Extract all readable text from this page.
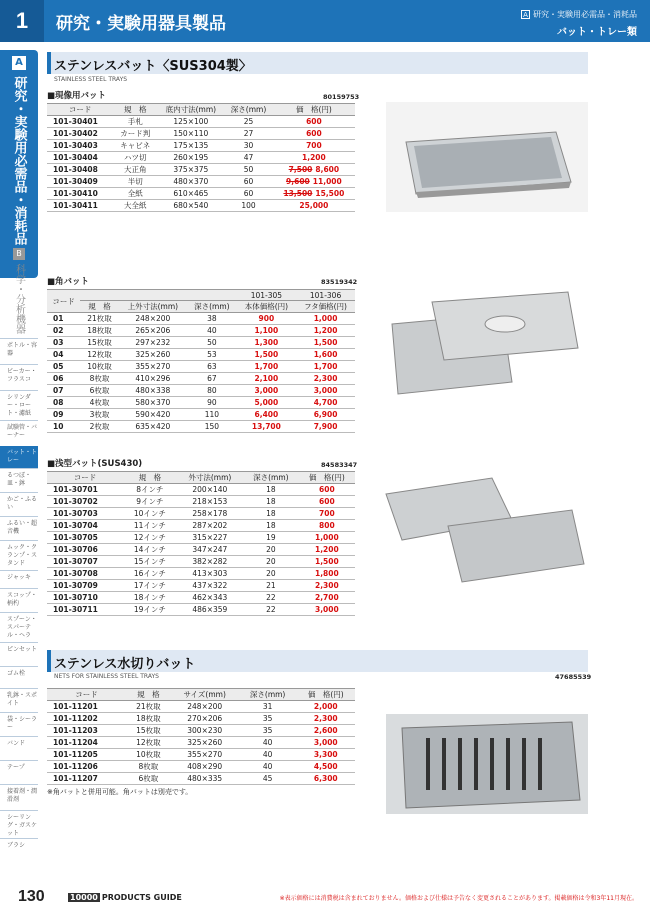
1	研究・実験用器具製品	A 研究・実験用必需品・消耗品
バット・トレー類
A
研究・実験用必需品・消耗品
B
科学・分析機器
ボトル・容器
ビーカー・フラスコ
シリンダー・ロート・濾紙
試験管・バーナー
バット・トレー
るつぼ・皿・鉢
かご・ふるい
ふるい・超音機
ムック・クランプ・スタンド
ジャッキ
スコップ・柄杓
スプーン・スパーテル・ヘラ
ピンセット
ゴム栓
乳鉢・スポイト
袋・シーラー
バンド
テープ
接着剤・潤滑剤
シーリング・ガスケット
ブラシ
ステンレスバット〈SUS304製〉
STAINLESS STEEL TRAYS
■現像用バット	80159753
コード	規　格	底内寸法(mm)	深さ(mm)	価　格(円)
101-30401	手札	125×100	25	600
101-30402	カード判	150×110	27	600
101-30403	キャビネ	175×135	30	700
101-30404	ハツ切	260×195	47	1,200
101-30408	大正角	375×375	50	7,500 8,600
101-30409	半切	480×370	60	9,600 11,000
101-30410	全紙	610×465	60	13,500 15,500
101-30411	大全紙	680×540	100	25,000
■角バット	83519342
コード				101-305	101-306
	規　格	上外寸法(mm)	深さ(mm)	本体価格(円)	フタ価格(円)
01	21枚取	248×200	38	900	1,000
02	18枚取	265×206	40	1,100	1,200
03	15枚取	297×232	50	1,300	1,500
04	12枚取	325×260	53	1,500	1,600
05	10枚取	355×270	63	1,700	1,700
06	8枚取	410×296	67	2,100	2,300
07	6枚取	480×338	80	3,000	3,000
08	4枚取	580×370	90	5,000	4,700
09	3枚取	590×420	110	6,400	6,900
10	2枚取	635×420	150	13,700	7,900
■浅型バット(SUS430)	84583347
コード	規　格	外寸法(mm)	深さ(mm)	価　格(円)
101-30701	8インチ	200×140	18	600
101-30702	9インチ	218×153	18	600
101-30703	10インチ	258×178	18	700
101-30704	11インチ	287×202	18	800
101-30705	12インチ	315×227	19	1,000
101-30706	14インチ	347×247	20	1,200
101-30707	15インチ	382×282	20	1,500
101-30708	16インチ	413×303	20	1,800
101-30709	17インチ	437×322	21	2,300
101-30710	18インチ	462×343	22	2,700
101-30711	19インチ	486×359	22	3,000
ステンレス水切りバット
NETS FOR STAINLESS STEEL TRAYS	47685539
コード	規　格	サイズ(mm)	深さ(mm)	価　格(円)
101-11201	21枚取	248×200	31	2,000
101-11202	18枚取	270×206	35	2,300
101-11203	15枚取	300×230	35	2,600
101-11204	12枚取	325×260	40	3,000
101-11205	10枚取	355×270	40	3,300
101-11206	8枚取	408×290	40	4,500
101-11207	6枚取	480×335	45	6,300
※角バットと併用可能。角バットは別売です。
130	10000 PRODUCTS GUIDE	※表示価格には消費税は含まれておりません。価格および仕様は予告なく変更されることがあります。掲載価格は令和3年11月現在。
